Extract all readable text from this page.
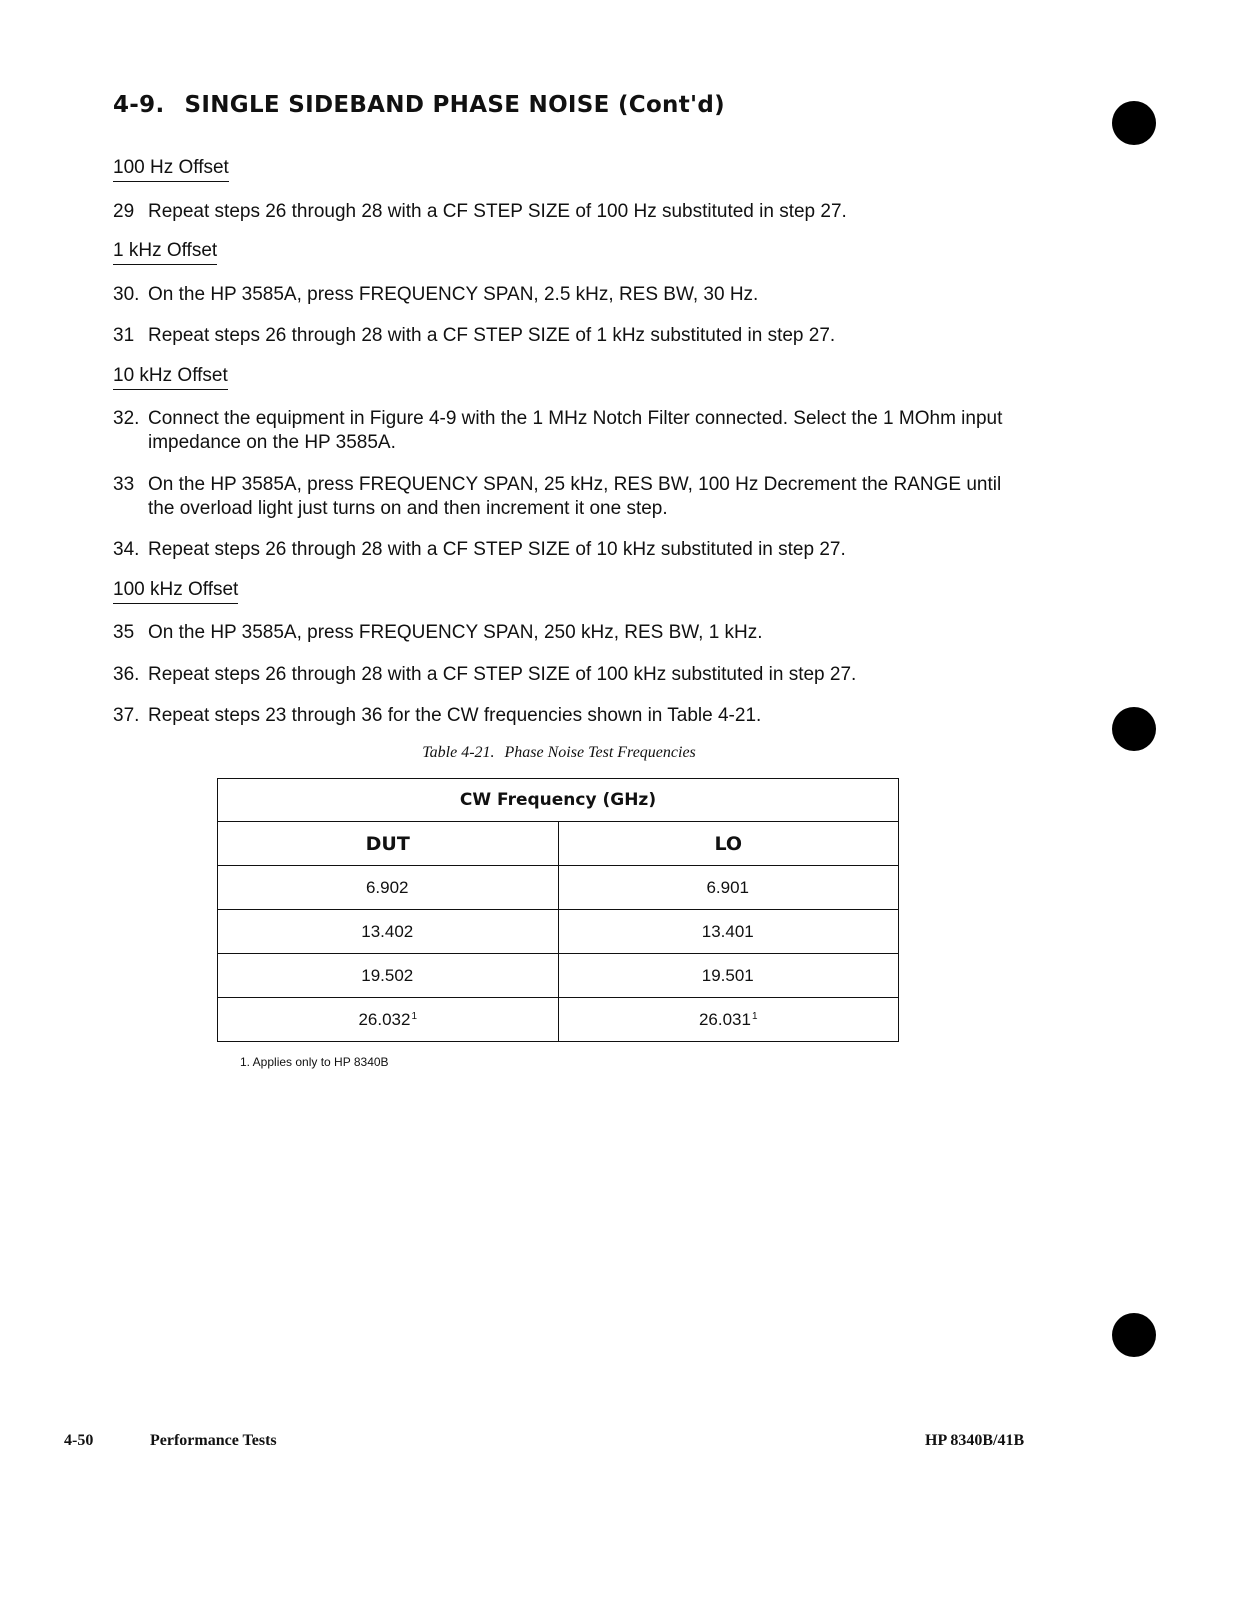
4-9. SINGLE SIDEBAND PHASE NOISE (Cont'd)
100 Hz Offset
29 Repeat steps 26 through 28 with a CF STEP SIZE of 100 Hz substituted in step 27.
1 kHz Offset
30. On the HP 3585A, press FREQUENCY SPAN, 2.5 kHz, RES BW, 30 Hz.
31 Repeat steps 26 through 28 with a CF STEP SIZE of 1 kHz substituted in step 27.
10 kHz Offset
32. Connect the equipment in Figure 4-9 with the 1 MHz Notch Filter connected. Select the 1 MOhm input impedance on the HP 3585A.
33 On the HP 3585A, press FREQUENCY SPAN, 25 kHz, RES BW, 100 Hz Decrement the RANGE until the overload light just turns on and then increment it one step.
34. Repeat steps 26 through 28 with a CF STEP SIZE of 10 kHz substituted in step 27.
100 kHz Offset
35 On the HP 3585A, press FREQUENCY SPAN, 250 kHz, RES BW, 1 kHz.
36. Repeat steps 26 through 28 with a CF STEP SIZE of 100 kHz substituted in step 27.
37. Repeat steps 23 through 36 for the CW frequencies shown in Table 4-21.
Table 4-21. Phase Noise Test Frequencies
CW Frequency (GHz)	
DUT	LO
6.902	6.901
13.402	13.401
19.502	19.501
26.032$^1$	26.031$^1$
1. Applies only to HP 8340B
4-50	Performance Tests	HP 8340B/41B
